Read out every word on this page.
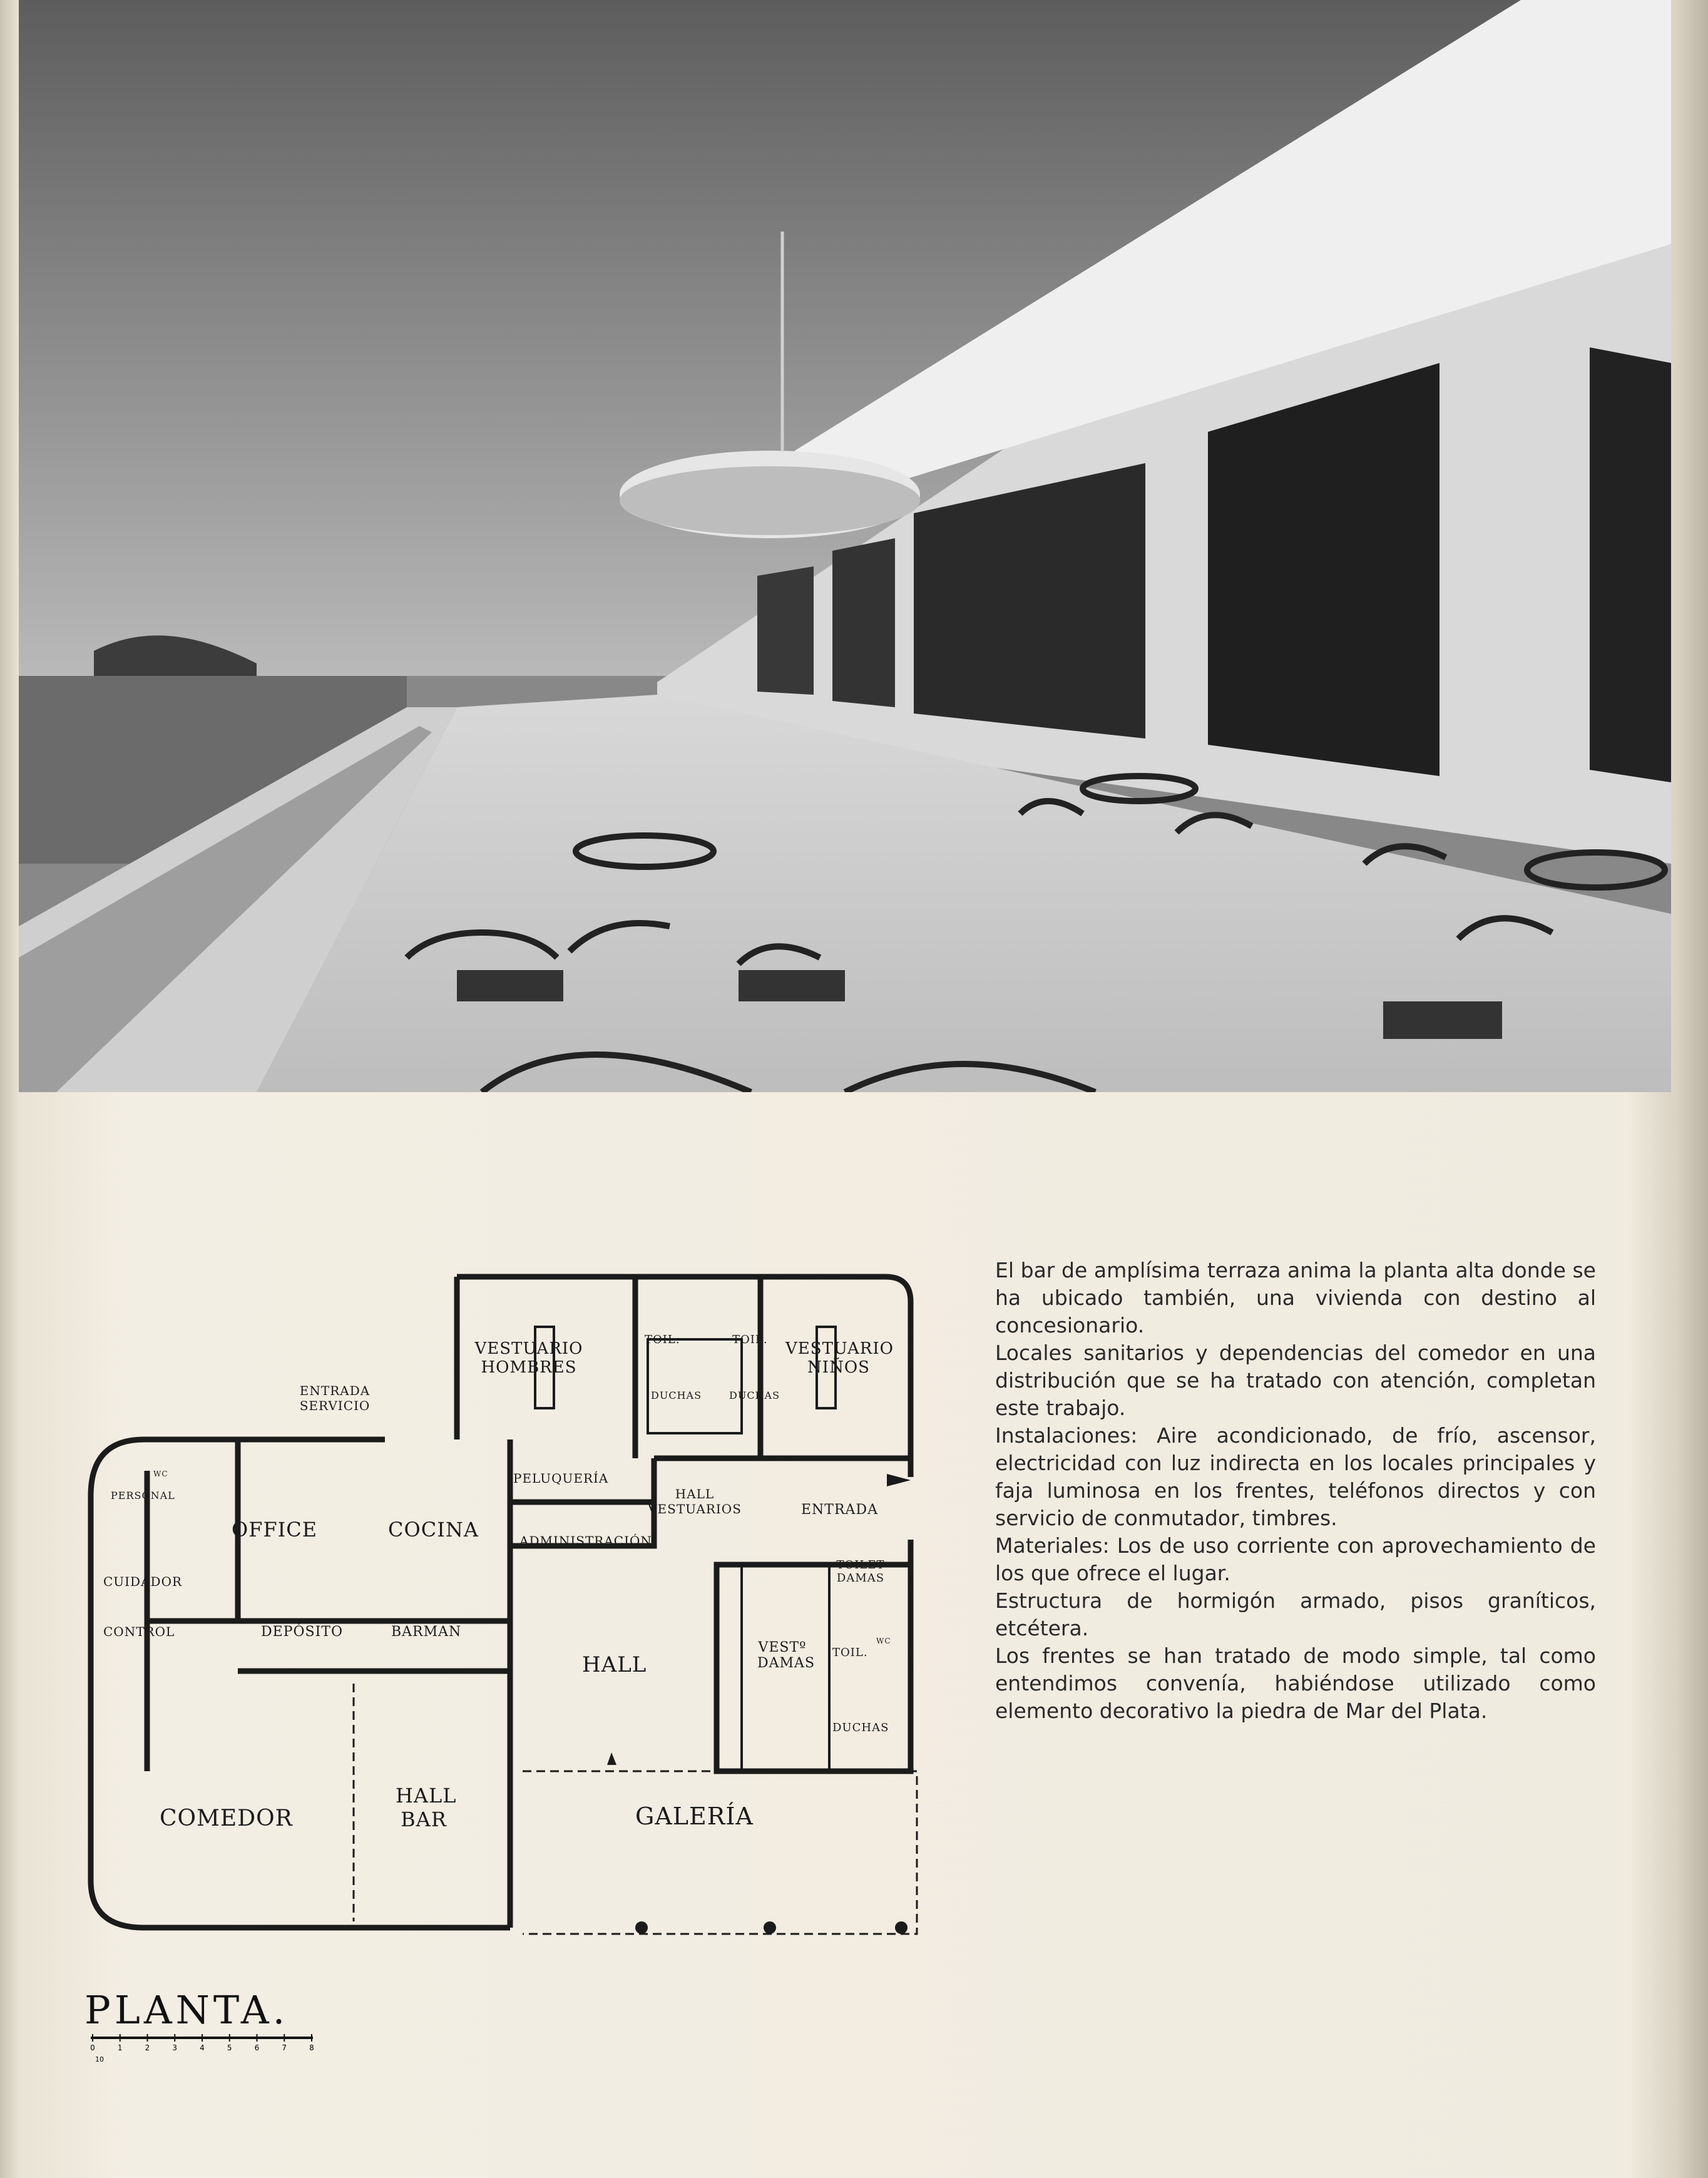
ENTRADA SERVICIO
PERSONAL
WC
OFFICE	COCINA
CUIDADOR
CONTROL	DEPÓSITO	BARMAN
COMEDOR
HALL BAR
HALL
GALERÍA
VESTUARIO HOMBRES
TOIL.	TOIL.
DUCHAS	DUCHAS
VESTUARIO NIÑOS
PELUQUERÍA
HALL VESTUARIOS	ENTRADA
ADMINISTRACIÓN
TOILET DAMAS
VESTº DAMAS
TOIL.
WC
DUCHAS
PLANTA.
0	1	2	3	4	5	6	7	8
10

El bar de amplísima terraza anima la planta alta donde se ha ubicado también, una vivienda con destino al concesionario.

Locales sanitarios y dependencias del comedor en una distribución que se ha tratado con atención, completan este trabajo.

Instalaciones: Aire acondicionado, de frío, ascensor, electricidad con luz indirecta en los locales principales y faja luminosa en los frentes, teléfonos directos y con servicio de conmutador, timbres.

Materiales: Los de uso corriente con aprovechamiento de los que ofrece el lugar.

Estructura de hormigón armado, pisos graníticos, etcétera.

Los frentes se han tratado de modo simple, tal como entendimos convenía, habiéndose utilizado como elemento decorativo la piedra de Mar del Plata.
